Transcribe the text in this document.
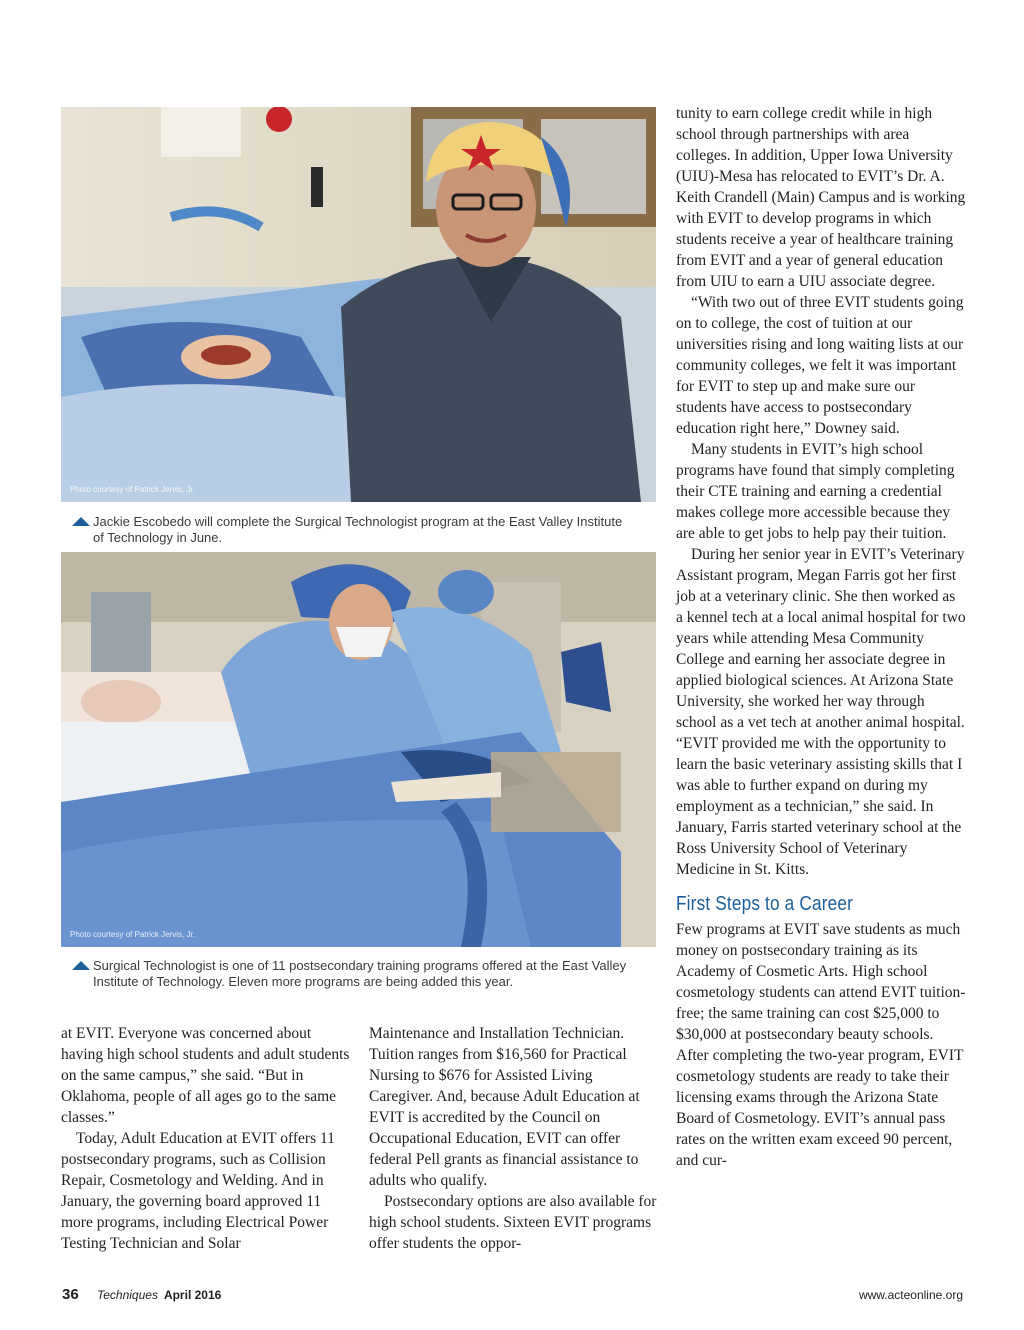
Photo courtesy of Patrick Jervis, Jr.
Jackie Escobedo will complete the Surgical Technologist program at the East Valley Institute of Technology in June.
Photo courtesy of Patrick Jervis, Jr.
Surgical Technologist is one of 11 postsecondary training programs offered at the East Valley Institute of Technology. Eleven more programs are being added this year.

at EVIT. Everyone was concerned about having high school students and adult students on the same campus,” she said. “But in Oklahoma, people of all ages go to the same classes.”

Today, Adult Education at EVIT offers 11 postsecondary programs, such as Collision Repair, Cosmetology and Welding. And in January, the governing board approved 11 more programs, including Electrical Power Testing Technician and Solar

Maintenance and Installation Technician. Tuition ranges from $16,560 for Practical Nursing to $676 for Assisted Living Caregiver. And, because Adult Education at EVIT is accredited by the Council on Occupational Education, EVIT can offer federal Pell grants as financial assistance to adults who qualify.

Postsecondary options are also available for high school students. Sixteen EVIT programs offer students the oppor-

tunity to earn college credit while in high school through partnerships with area colleges. In addition, Upper Iowa University (UIU)-Mesa has relocated to EVIT’s Dr. A. Keith Crandell (Main) Campus and is working with EVIT to develop programs in which students receive a year of healthcare training from EVIT and a year of general education from UIU to earn a UIU associate degree.

“With two out of three EVIT students going on to college, the cost of tuition at our universities rising and long waiting lists at our community colleges, we felt it was important for EVIT to step up and make sure our students have access to postsecondary education right here,” Downey said.

Many students in EVIT’s high school programs have found that simply completing their CTE training and earning a credential makes college more accessible because they are able to get jobs to help pay their tuition.

During her senior year in EVIT’s Veterinary Assistant program, Megan Farris got her first job at a veterinary clinic. She then worked as a kennel tech at a local animal hospital for two years while attending Mesa Community College and earning her associate degree in applied biological sciences. At Arizona State University, she worked her way through school as a vet tech at another animal hospital. “EVIT provided me with the opportunity to learn the basic veterinary assisting skills that I was able to further expand on during my employment as a technician,” she said. In January, Farris started veterinary school at the Ross University School of Veterinary Medicine in St. Kitts.

First Steps to a Career

Few programs at EVIT save students as much money on postsecondary training as its Academy of Cosmetic Arts. High school cosmetology students can attend EVIT tuition-free; the same training can cost $25,000 to $30,000 at postsecondary beauty schools. After completing the two-year program, EVIT cosmetology students are ready to take their licensing exams through the Arizona State Board of Cosmetology. EVIT’s annual pass rates on the written exam exceed 90 percent, and cur-

36 Techniques April 2016	www.acteonline.org
